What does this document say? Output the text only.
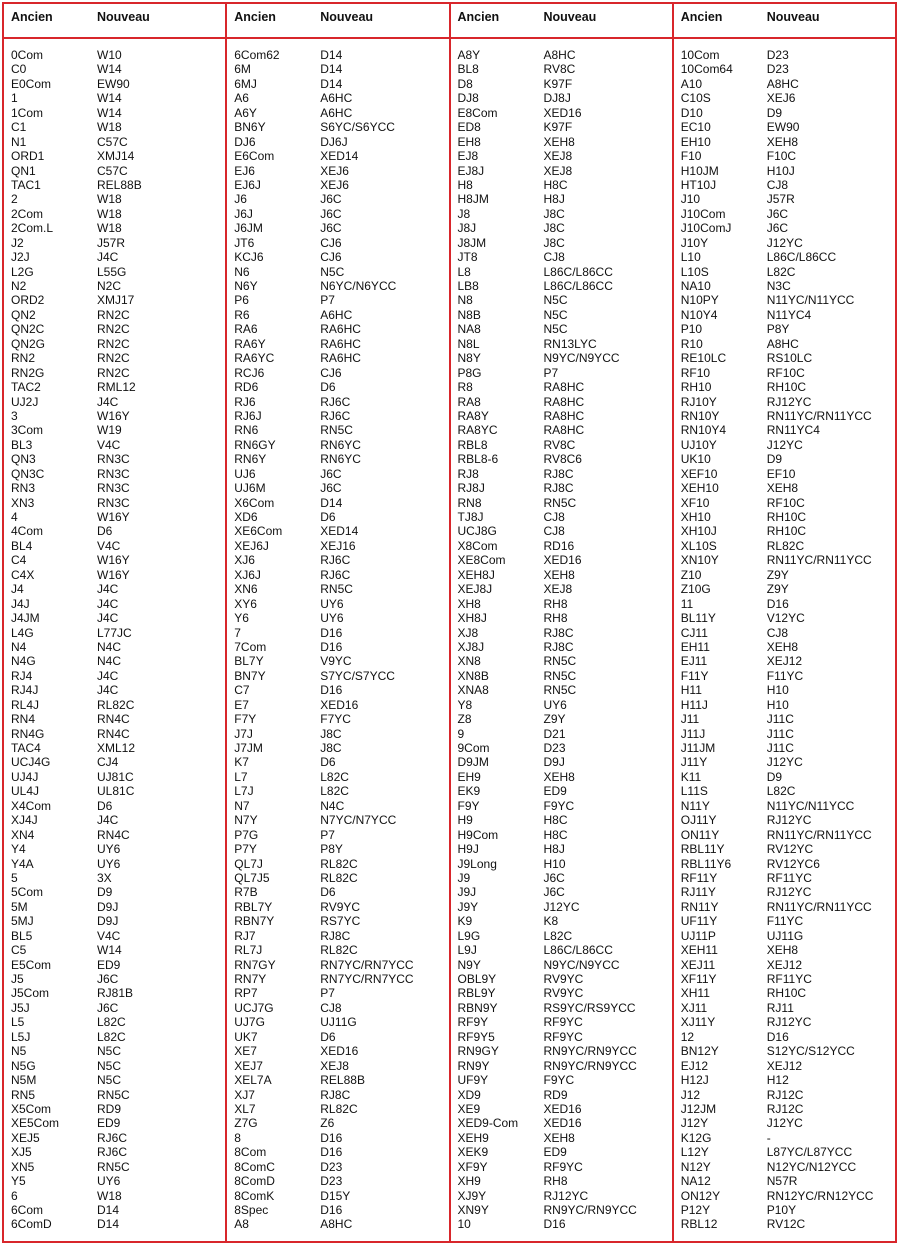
Ancien	Nouveau
0Com	W10
C0	W14
E0Com	EW90
1	W14
1Com	W14
C1	W18
N1	C57C
ORD1	XMJ14
QN1	C57C
TAC1	REL88B
2	W18
2Com	W18
2Com.L	W18
J2	J57R
J2J	J4C
L2G	L55G
N2	N2C
ORD2	XMJ17
QN2	RN2C
QN2C	RN2C
QN2G	RN2C
RN2	RN2C
RN2G	RN2C
TAC2	RML12
UJ2J	J4C
3	W16Y
3Com	W19
BL3	V4C
QN3	RN3C
QN3C	RN3C
RN3	RN3C
XN3	RN3C
4	W16Y
4Com	D6
BL4	V4C
C4	W16Y
C4X	W16Y
J4	J4C
J4J	J4C
J4JM	J4C
L4G	L77JC
N4	N4C
N4G	N4C
RJ4	J4C
RJ4J	J4C
RL4J	RL82C
RN4	RN4C
RN4G	RN4C
TAC4	XML12
UCJ4G	CJ4
UJ4J	UJ81C
UL4J	UL81C
X4Com	D6
XJ4J	J4C
XN4	RN4C
Y4	UY6
Y4A	UY6
5	3X
5Com	D9
5M	D9J
5MJ	D9J
BL5	V4C
C5	W14
E5Com	ED9
J5	J6C
J5Com	RJ81B
J5J	J6C
L5	L82C
L5J	L82C
N5	N5C
N5G	N5C
N5M	N5C
RN5	RN5C
X5Com	RD9
XE5Com	ED9
XEJ5	RJ6C
XJ5	RJ6C
XN5	RN5C
Y5	UY6
6	W18
6Com	D14
6ComD	D14
Ancien	Nouveau
6Com62	D14
6M	D14
6MJ	D14
A6	A6HC
A6Y	A6HC
BN6Y	S6YC/S6YCC
DJ6	DJ6J
E6Com	XED14
EJ6	XEJ6
EJ6J	XEJ6
J6	J6C
J6J	J6C
J6JM	J6C
JT6	CJ6
KCJ6	CJ6
N6	N5C
N6Y	N6YC/N6YCC
P6	P7
R6	A6HC
RA6	RA6HC
RA6Y	RA6HC
RA6YC	RA6HC
RCJ6	CJ6
RD6	D6
RJ6	RJ6C
RJ6J	RJ6C
RN6	RN5C
RN6GY	RN6YC
RN6Y	RN6YC
UJ6	J6C
UJ6M	J6C
X6Com	D14
XD6	D6
XE6Com	XED14
XEJ6J	XEJ16
XJ6	RJ6C
XJ6J	RJ6C
XN6	RN5C
XY6	UY6
Y6	UY6
7	D16
7Com	D16
BL7Y	V9YC
BN7Y	S7YC/S7YCC
C7	D16
E7	XED16
F7Y	F7YC
J7J	J8C
J7JM	J8C
K7	D6
L7	L82C
L7J	L82C
N7	N4C
N7Y	N7YC/N7YCC
P7G	P7
P7Y	P8Y
QL7J	RL82C
QL7J5	RL82C
R7B	D6
RBL7Y	RV9YC
RBN7Y	RS7YC
RJ7	RJ8C
RL7J	RL82C
RN7GY	RN7YC/RN7YCC
RN7Y	RN7YC/RN7YCC
RP7	P7
UCJ7G	CJ8
UJ7G	UJ11G
UK7	D6
XE7	XED16
XEJ7	XEJ8
XEL7A	REL88B
XJ7	RJ8C
XL7	RL82C
Z7G	Z6
8	D16
8Com	D16
8ComC	D23
8ComD	D23
8ComK	D15Y
8Spec	D16
A8	A8HC
Ancien	Nouveau
A8Y	A8HC
BL8	RV8C
D8	K97F
DJ8	DJ8J
E8Com	XED16
ED8	K97F
EH8	XEH8
EJ8	XEJ8
EJ8J	XEJ8
H8	H8C
H8JM	H8J
J8	J8C
J8J	J8C
J8JM	J8C
JT8	CJ8
L8	L86C/L86CC
LB8	L86C/L86CC
N8	N5C
N8B	N5C
NA8	N5C
N8L	RN13LYC
N8Y	N9YC/N9YCC
P8G	P7
R8	RA8HC
RA8	RA8HC
RA8Y	RA8HC
RA8YC	RA8HC
RBL8	RV8C
RBL8-6	RV8C6
RJ8	RJ8C
RJ8J	RJ8C
RN8	RN5C
TJ8J	CJ8
UCJ8G	CJ8
X8Com	RD16
XE8Com	XED16
XEH8J	XEH8
XEJ8J	XEJ8
XH8	RH8
XH8J	RH8
XJ8	RJ8C
XJ8J	RJ8C
XN8	RN5C
XN8B	RN5C
XNA8	RN5C
Y8	UY6
Z8	Z9Y
9	D21
9Com	D23
D9JM	D9J
EH9	XEH8
EK9	ED9
F9Y	F9YC
H9	H8C
H9Com	H8C
H9J	H8J
J9Long	H10
J9	J6C
J9J	J6C
J9Y	J12YC
K9	K8
L9G	L82C
L9J	L86C/L86CC
N9Y	N9YC/N9YCC
OBL9Y	RV9YC
RBL9Y	RV9YC
RBN9Y	RS9YC/RS9YCC
RF9Y	RF9YC
RF9Y5	RF9YC
RN9GY	RN9YC/RN9YCC
RN9Y	RN9YC/RN9YCC
UF9Y	F9YC
XD9	RD9
XE9	XED16
XED9-Com XED16
XEH9	XEH8
XEK9	ED9
XF9Y	RF9YC
XH9	RH8
XJ9Y	RJ12YC
XN9Y	RN9YC/RN9YCC
10	D16
Ancien	Nouveau
10Com	D23
10Com64	D23
A10	A8HC
C10S	XEJ6
D10	D9
EC10	EW90
EH10	XEH8
F10	F10C
H10JM	H10J
HT10J	CJ8
J10	J57R
J10Com	J6C
J10ComJ	J6C
J10Y	J12YC
L10	L86C/L86CC
L10S	L82C
NA10	N3C
N10PY	N11YC/N11YCC
N10Y4	N11YC4
P10	P8Y
R10	A8HC
RE10LC	RS10LC
RF10	RF10C
RH10	RH10C
RJ10Y	RJ12YC
RN10Y	RN11YC/RN11YCC
RN10Y4	RN11YC4
UJ10Y	J12YC
UK10	D9
XEF10	EF10
XEH10	XEH8
XF10	RF10C
XH10	RH10C
XH10J	RH10C
XL10S	RL82C
XN10Y	RN11YC/RN11YCC
Z10	Z9Y
Z10G	Z9Y
11	D16
BL11Y	V12YC
CJ11	CJ8
EH11	XEH8
EJ11	XEJ12
F11Y	F11YC
H11	H10
H11J	H10
J11	J11C
J11J	J11C
J11JM	J11C
J11Y	J12YC
K11	D9
L11S	L82C
N11Y	N11YC/N11YCC
OJ11Y	RJ12YC
ON11Y	RN11YC/RN11YCC
RBL11Y	RV12YC
RBL11Y6	RV12YC6
RF11Y	RF11YC
RJ11Y	RJ12YC
RN11Y	RN11YC/RN11YCC
UF11Y	F11YC
UJ11P	UJ11G
XEH11	XEH8
XEJ11	XEJ12
XF11Y	RF11YC
XH11	RH10C
XJ11	RJ11
XJ11Y	RJ12YC
12	D16
BN12Y	S12YC/S12YCC
EJ12	XEJ12
H12J	H12
J12	RJ12C
J12JM	RJ12C
J12Y	J12YC
K12G	-
L12Y	L87YC/L87YCC
N12Y	N12YC/N12YCC
NA12	N57R
ON12Y	RN12YC/RN12YCC
P12Y	P10Y
RBL12	RV12C
